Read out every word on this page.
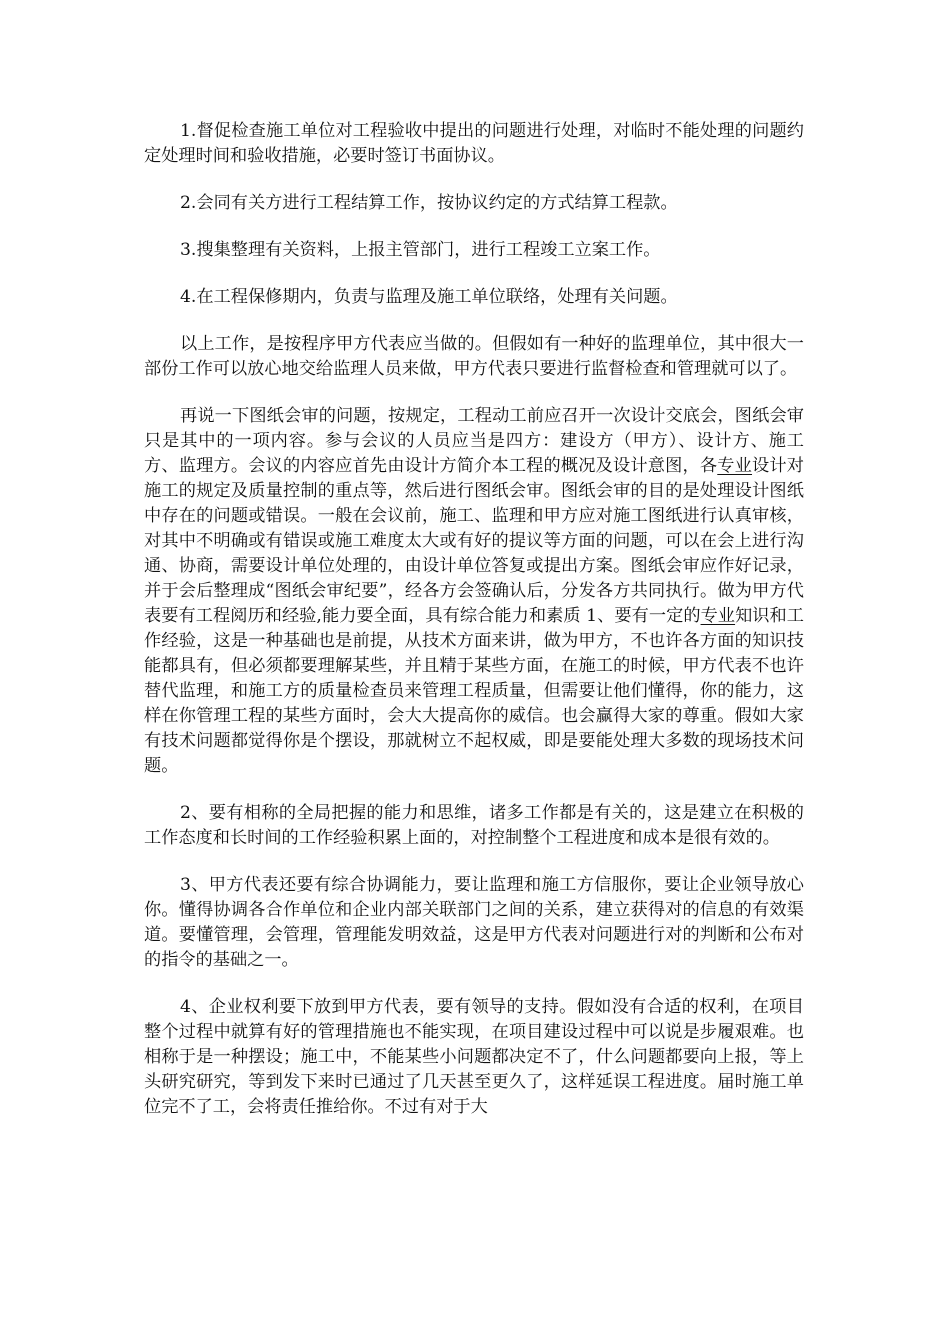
1.督促检查施工单位对工程验收中提出的问题进行处理，对临时不能处理的问题约定处理时间和验收措施，必要时签订书面协议。

2.会同有关方进行工程结算工作，按协议约定的方式结算工程款。

3.搜集整理有关资料，上报主管部门，进行工程竣工立案工作。

4.在工程保修期内，负责与监理及施工单位联络，处理有关问题。

以上工作，是按程序甲方代表应当做的。但假如有一种好的监理单位，其中很大一部份工作可以放心地交给监理人员来做，甲方代表只要进行监督检查和管理就可以了。

再说一下图纸会审的问题，按规定，工程动工前应召开一次设计交底会，图纸会审只是其中的一项内容。参与会议的人员应当是四方：建设方（甲方）、设计方、施工方、监理方。会议的内容应首先由设计方简介本工程的概况及设计意图，各专业设计对施工的规定及质量控制的重点等，然后进行图纸会审。图纸会审的目的是处理设计图纸中存在的问题或错误。一般在会议前，施工、监理和甲方应对施工图纸进行认真审核，对其中不明确或有错误或施工难度太大或有好的提议等方面的问题，可以在会上进行沟通、协商，需要设计单位处理的，由设计单位答复或提出方案。图纸会审应作好记录，并于会后整理成“图纸会审纪要”，经各方会签确认后，分发各方共同执行。做为甲方代表要有工程阅历和经验,能力要全面，具有综合能力和素质 1、要有一定的专业知识和工作经验，这是一种基础也是前提，从技术方面来讲，做为甲方，不也许各方面的知识技能都具有，但必须都要理解某些，并且精于某些方面，在施工的时候，甲方代表不也许替代监理，和施工方的质量检查员来管理工程质量，但需要让他们懂得，你的能力，这样在你管理工程的某些方面时，会大大提高你的威信。也会赢得大家的尊重。假如大家有技术问题都觉得你是个摆设，那就树立不起权威，即是要能处理大多数的现场技术问题。

2、要有相称的全局把握的能力和思维，诸多工作都是有关的，这是建立在积极的工作态度和长时间的工作经验积累上面的，对控制整个工程进度和成本是很有效的。

3、甲方代表还要有综合协调能力，要让监理和施工方信服你，要让企业领导放心你。懂得协调各合作单位和企业内部关联部门之间的关系，建立获得对的信息的有效渠道。要懂管理，会管理，管理能发明效益，这是甲方代表对问题进行对的判断和公布对的指令的基础之一。

4、企业权利要下放到甲方代表，要有领导的支持。假如没有合适的权利，在项目整个过程中就算有好的管理措施也不能实现，在项目建设过程中可以说是步履艰难。也相称于是一种摆设；施工中，不能某些小问题都决定不了，什么问题都要向上报，等上头研究研究，等到发下来时已通过了几天甚至更久了，这样延误工程进度。届时施工单位完不了工，会将责任推给你。不过有对于大
